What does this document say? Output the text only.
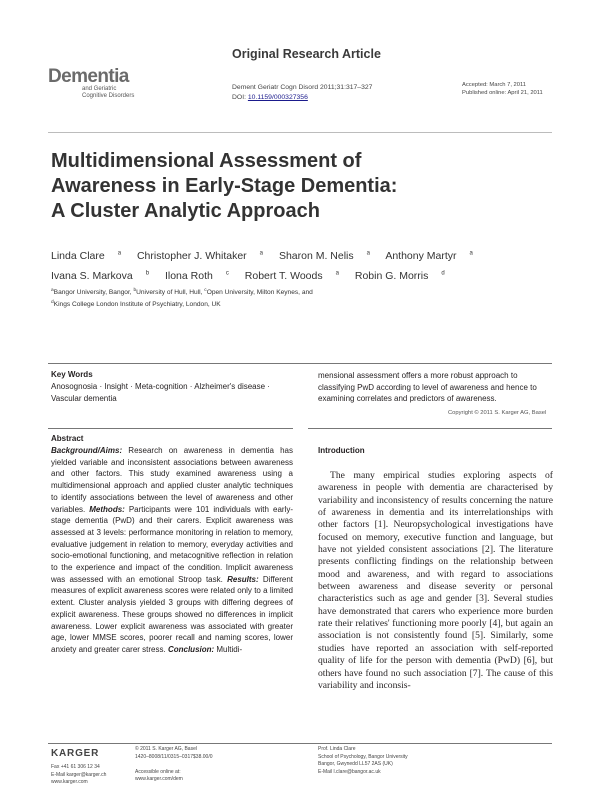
Original Research Article
Dementia
and Geriatric
Cognitive Disorders
Dement Geriatr Cogn Disord 2011;31:317–327
DOI: 10.1159/000327356
Accepted: March 7, 2011
Published online: April 21, 2011
Multidimensional Assessment of
Awareness in Early-Stage Dementia:
A Cluster Analytic Approach
Linda Clare $^a$ Christopher J. Whitaker $^a$ Sharon M. Nelis $^a$ Anthony Martyr $^a$
Ivana S. Markova $^b$ Ilona Roth $^c$ Robert T. Woods $^a$ Robin G. Morris $^d$
$^a$Bangor University, Bangor, $^b$University of Hull, Hull, $^c$Open University, Milton Keynes, and
$^d$Kings College London Institute of Psychiatry, London, UK
Key Words
Anosognosia · Insight · Meta-cognition · Alzheimer's disease · Vascular dementia
mensional assessment offers a more robust approach to classifying PwD according to level of awareness and hence to examining correlates and predictors of awareness.
Copyright © 2011 S. Karger AG, Basel
Abstract

Background/Aims: Research on awareness in dementia has yielded variable and inconsistent associations between awareness and other factors. This study examined awareness using a multidimensional approach and applied cluster analytic techniques to identify associations between the level of awareness and other variables. Methods: Participants were 101 individuals with early-stage dementia (PwD) and their carers. Explicit awareness was assessed at 3 levels: performance monitoring in relation to memory, evaluative judgement in relation to memory, everyday activities and socio-emotional functioning, and metacognitive reflection in relation to the experience and impact of the condition. Implicit awareness was assessed with an emotional Stroop task. Results: Different measures of explicit awareness scores were related only to a limited extent. Cluster analysis yielded 3 groups with differing degrees of explicit awareness. These groups showed no differences in implicit awareness. Lower explicit awareness was associated with greater age, lower MMSE scores, poorer recall and naming scores, lower anxiety and greater carer stress. Conclusion: Multidi-

Introduction

The many empirical studies exploring aspects of awareness in people with dementia are characterised by variability and inconsistency of results concerning the nature of awareness in dementia and its interrelationships with other factors [1]. Neuropsychological investigations have focused on memory, executive function and language, but have not yielded consistent associations [2]. The literature presents conflicting findings on the relationship between mood and awareness, and with regard to associations between awareness and disease severity or personal characteristics such as age and gender [3]. Several studies have demonstrated that carers who experience more burden rate their relatives' functioning more poorly [4], but again an association is not consistently found [5]. Similarly, some studies have reported an association with self-reported quality of life for the person with dementia (PwD) [6], but others have found no such association [7]. The cause of this variability and inconsis-

KARGER
Fax +41 61 306 12 34
E-Mail karger@karger.ch
www.karger.com
© 2011 S. Karger AG, Basel
1420–8008/11/0315–0317$38.00/0
Accessible online at:
www.karger.com/dem
Prof. Linda Clare
School of Psychology, Bangor University
Bangor, Gwynedd LL57 2AS (UK)
E-Mail l.clare@bangor.ac.uk
